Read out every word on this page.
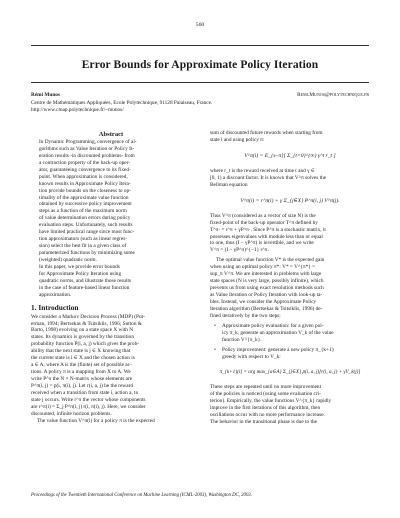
560
Error Bounds for Approximate Policy Iteration
Rémi Munos	Remi.Munos@polytechnique.fr
Centre de Mathématiques Appliquées, Ecole Polytechnique, 91128 Palaiseau, France.
http://www.cmap.polytechnique.fr/~munos/
Abstract
In Dynamic Programming, convergence of al-
gorithms such as Value Iteration or Policy It-
eration results -in discounted problems- from
a contraction property of the back-up oper-
ator, guaranteeing convergence to its fixed-
point. When approximation is considered,
known results in Approximate Policy Itera-
tion provide bounds on the closeness to op-
timality of the approximate value function
obtained by successive policy improvement
steps as a function of the maximum norm
of value determination errors during policy
evaluation steps. Unfortunately, such results
have limited practical range since most func-
tion approximators (such as linear regres-
sion) select the best fit in a given class of
parameterized functions by minimizing some
(weighted) quadratic norm.
In this paper, we provide error bounds
for Approximate Policy Iteration using
quadratic norms, and illustrate those results
in the case of feature-based linear function
approximation.
1. Introduction
We consider a Markov Decision Process (MDP) (Put-
erman, 1994; Bertsekas & Tsitsiklis, 1996; Sutton &
Barto, 1998) evolving on a state space X with N
states. Its dynamics is governed by the transition
probability function P(i, a, j) which gives the prob-
ability that the next state is j ∈ X knowing that
the current state is i ∈ X and the chosen action is
a ∈ A, where A is the (finite) set of possible ac-
tions. A policy π is a mapping from X to A. We
write P^π the N × N-matrix whose elements are
P^π(i, j) = p(i, π(i), j). Let r(i, a, j) be the reward
received when a transition from state i, action a, to
state j occurs. Write r^π the vector whose components
are r^π(i) = Σ_j P^π(i, j) r(i, π(i), j). Here, we consider
discounted, infinite horizon problems.
The value function V^π(i) for a policy π is the expected
sum of discounted future rewards when starting from
state i and using policy π:
V^π(i) = E_{s~π}[ Σ_{t=0}^{∞} γ^t r_t ]
where r_t is the reward received at time t and γ ∈
[0, 1) a discount factor. It is known that V^π solves the
Bellman equation
V^π(i) = r^π(i) + γ Σ_{j∈X} P^π(i, j) V^π(j).
Thus V^π (considered as a vector of size N) is the
fixed-point of the back-up operator T^π defined by
T^π· = r^π + γP^π·. Since P^π is a stochastic matrix, it
possesses eigenvalues with module less than or equal
to one, thus (I − γP^π) is invertible, and we write
V^π = (I − γP^π)^{−1} r^π.
The optimal value function V* is the expected gain
when using an optimal policy π*: V* = V^{π*} =
sup_π V^π. We are interested in problems with large
state spaces (N is very large, possibly infinite), which
prevents us from using exact resolution methods such
as Value Iteration or Policy Iteration with look-up ta-
bles. Instead, we consider the Approximate Policy
Iteration algorithm (Bertsekas & Tsitsiklis, 1996) de-
fined iteratively by the two steps:
• Approximate policy evaluation: for a given pol-
icy π_k, generate an approximation V_k of the value
function V^{π_k}.
• Policy improvement: generate a new policy π_{k+1}
greedy with respect to V_k:
π_{k+1}(i) = arg max_{a∈A} Σ_{j∈X} p(i, a, j)[r(i, a, j) + γV_k(j)]
These steps are repeated until no more improvement
of the policies is noticed (using some evaluation cri-
terion). Empirically, the value functions V^{π_k} rapidly
improve in the first iterations of this algorithm, then
oscillations occur with no more performance increase.
The behavior in the transitional phase is due to the
Proceedings of the Twentieth International Conference on Machine Learning (ICML-2003), Washington DC, 2003.
